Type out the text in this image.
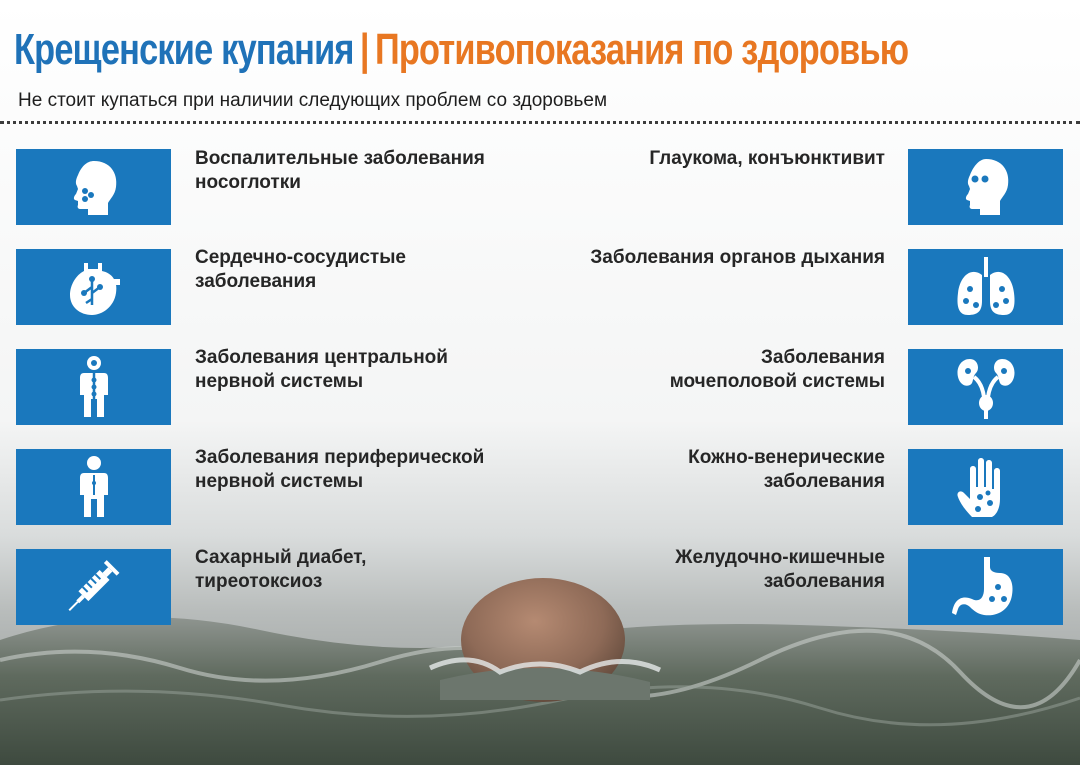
Крещенские купания | Противопоказания по здоровью
Не стоит купаться при наличии следующих проблем со здоровьем
Воспалительные заболевания
носоглотки
Сердечно-сосудистые
заболевания
Заболевания центральной
нервной системы
Заболевания периферической
нервной системы
Сахарный диабет,
тиреотоксиоз
Глаукома, конъюнктивит
Заболевания органов дыхания
Заболевания
мочеполовой системы
Кожно-венерические
заболевания
Желудочно-кишечные
заболевания
